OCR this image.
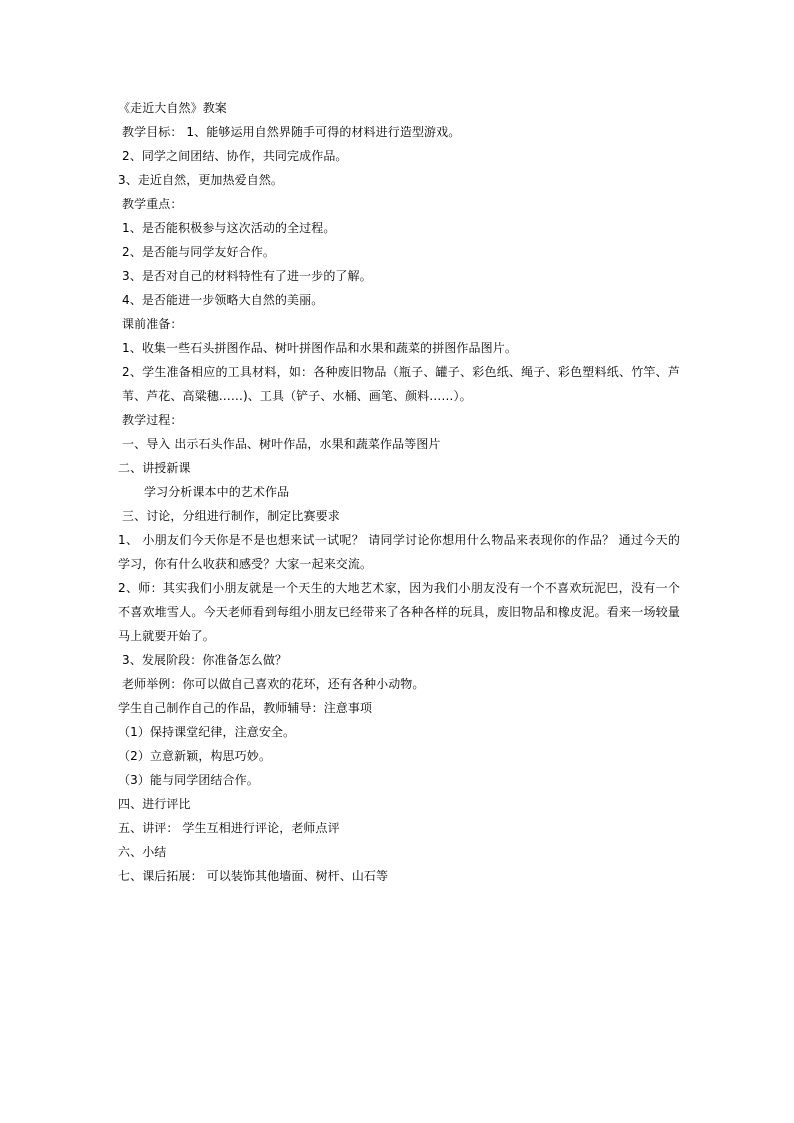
《走近大自然》教案
教学目标： 1、能够运用自然界随手可得的材料进行造型游戏。
2、同学之间团结、协作，共同完成作品。
3、走近自然，更加热爱自然。
教学重点：
1、是否能积极参与这次活动的全过程。
2、是否能与同学友好合作。
3、是否对自己的材料特性有了进一步的了解。
4、是否能进一步领略大自然的美丽。
课前准备：
1、收集一些石头拼图作品、树叶拼图作品和水果和蔬菜的拼图作品图片。
2、学生准备相应的工具材料，如：各种废旧物品（瓶子、罐子、彩色纸、绳子、彩色塑料纸、竹竿、芦苇、芦花、高粱穗……)、工具（铲子、水桶、画笔、颜料……）。
教学过程：
一、导入 出示石头作品、树叶作品，水果和蔬菜作品等图片
二、讲授新课
学习分析课本中的艺术作品
三、讨论，分组进行制作，制定比赛要求
1、 小朋友们今天你是不是也想来试一试呢？ 请同学讨论你想用什么物品来表现你的作品？ 通过今天的学习，你有什么收获和感受？大家一起来交流。
2、师：其实我们小朋友就是一个天生的大地艺术家，因为我们小朋友没有一个不喜欢玩泥巴，没有一个不喜欢堆雪人。今天老师看到每组小朋友已经带来了各种各样的玩具，废旧物品和橡皮泥。看来一场较量马上就要开始了。
3、发展阶段：你准备怎么做？
老师举例：你可以做自己喜欢的花环，还有各种小动物。
学生自己制作自己的作品，教师辅导：注意事项
（1）保持课堂纪律，注意安全。
（2）立意新颖，构思巧妙。
（3）能与同学团结合作。
四、进行评比
五、讲评： 学生互相进行评论，老师点评
六、小结
七、课后拓展： 可以装饰其他墙面、树杆、山石等
